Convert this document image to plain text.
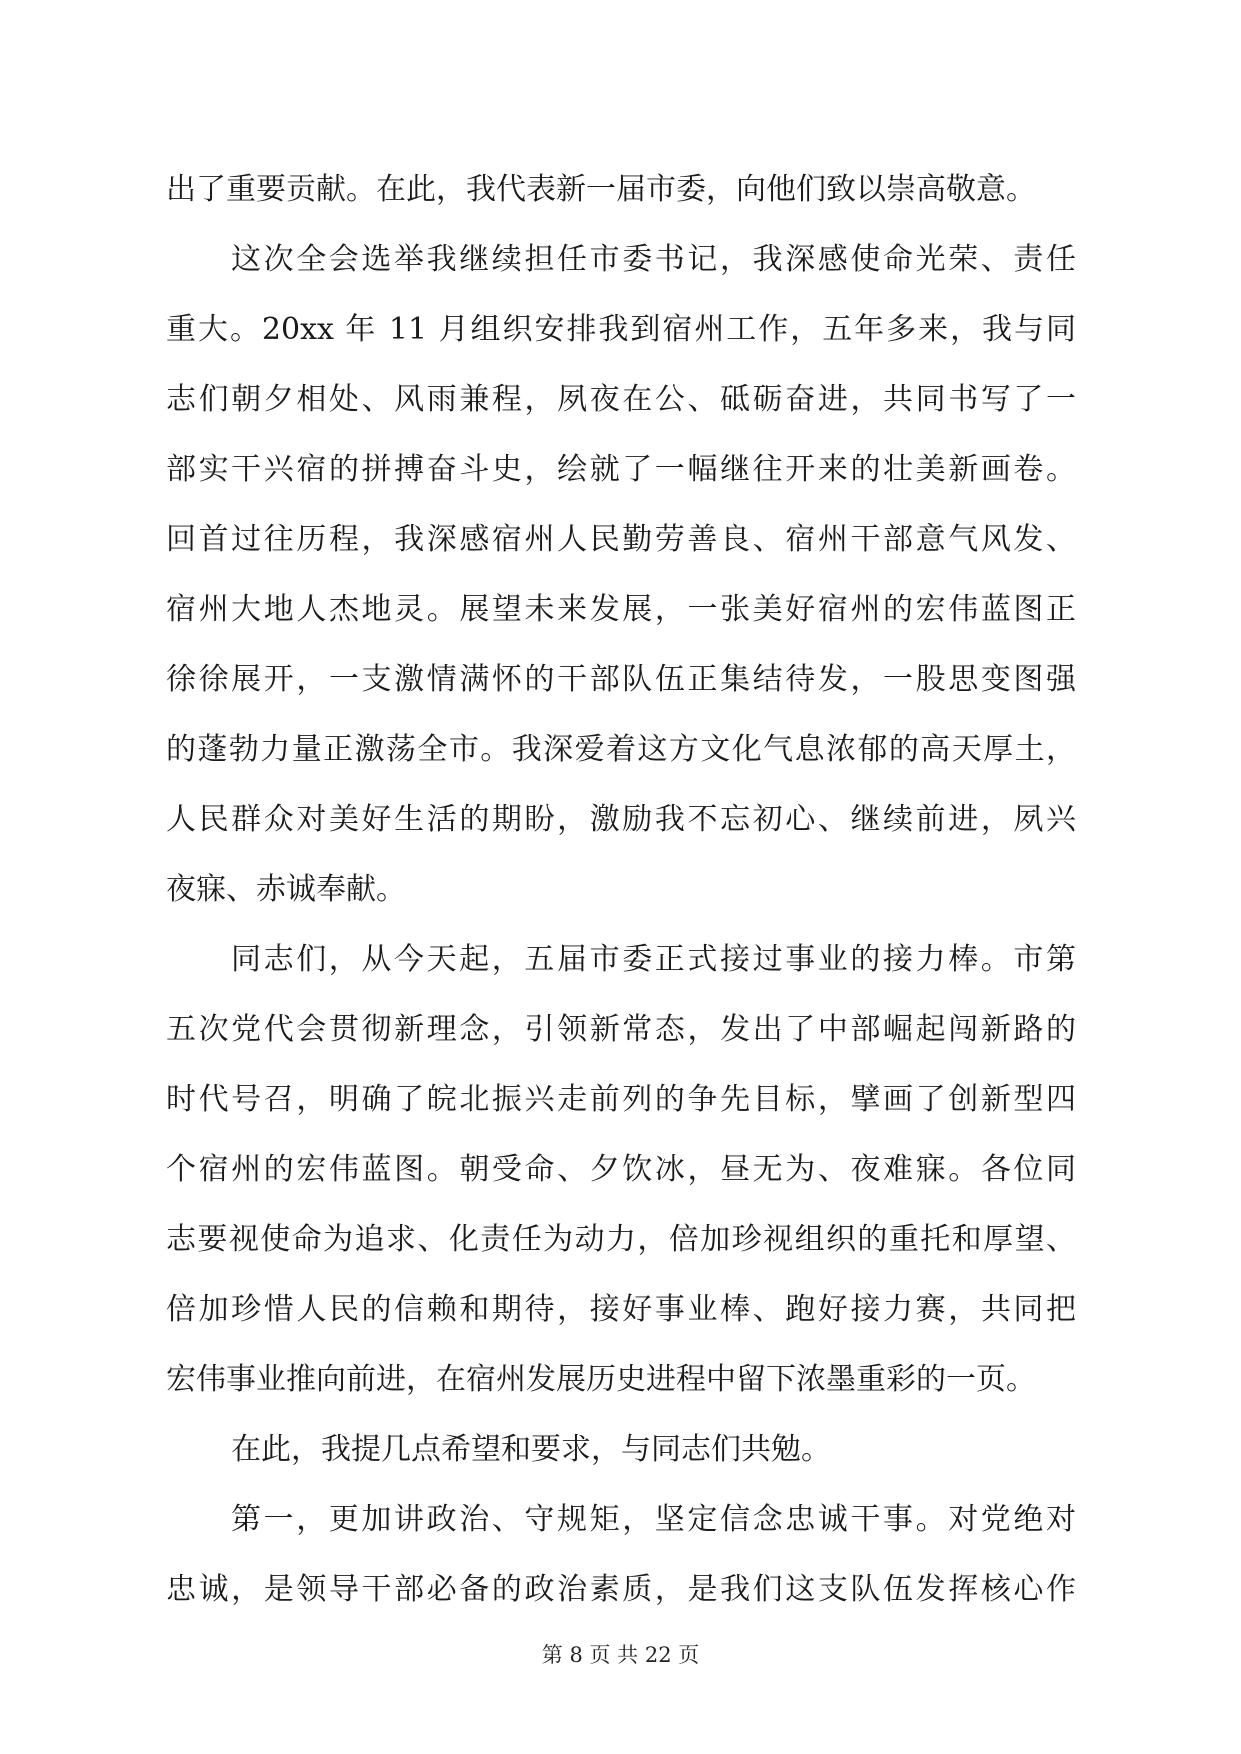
第 8 页 共 22 页
出了重要贡献。在此，我代表新一届市委，向他们致以崇高敬意。
这次全会选举我继续担任市委书记，我深感使命光荣、责任
重大。20xx 年 11 月组织安排我到宿州工作，五年多来，我与同
志们朝夕相处、风雨兼程，夙夜在公、砥砺奋进，共同书写了一
部实干兴宿的拼搏奋斗史，绘就了一幅继往开来的壮美新画卷。
回首过往历程，我深感宿州人民勤劳善良、宿州干部意气风发、
宿州大地人杰地灵。展望未来发展，一张美好宿州的宏伟蓝图正
徐徐展开，一支激情满怀的干部队伍正集结待发，一股思变图强
的蓬勃力量正激荡全市。我深爱着这方文化气息浓郁的高天厚土，
人民群众对美好生活的期盼，激励我不忘初心、继续前进，夙兴
夜寐、赤诚奉献。
同志们，从今天起，五届市委正式接过事业的接力棒。市第
五次党代会贯彻新理念，引领新常态，发出了中部崛起闯新路的
时代号召，明确了皖北振兴走前列的争先目标，擘画了创新型四
个宿州的宏伟蓝图。朝受命、夕饮冰，昼无为、夜难寐。各位同
志要视使命为追求、化责任为动力，倍加珍视组织的重托和厚望、
倍加珍惜人民的信赖和期待，接好事业棒、跑好接力赛，共同把
宏伟事业推向前进，在宿州发展历史进程中留下浓墨重彩的一页。
在此，我提几点希望和要求，与同志们共勉。
第一，更加讲政治、守规矩，坚定信念忠诚干事。对党绝对
忠诚，是领导干部必备的政治素质，是我们这支队伍发挥核心作
